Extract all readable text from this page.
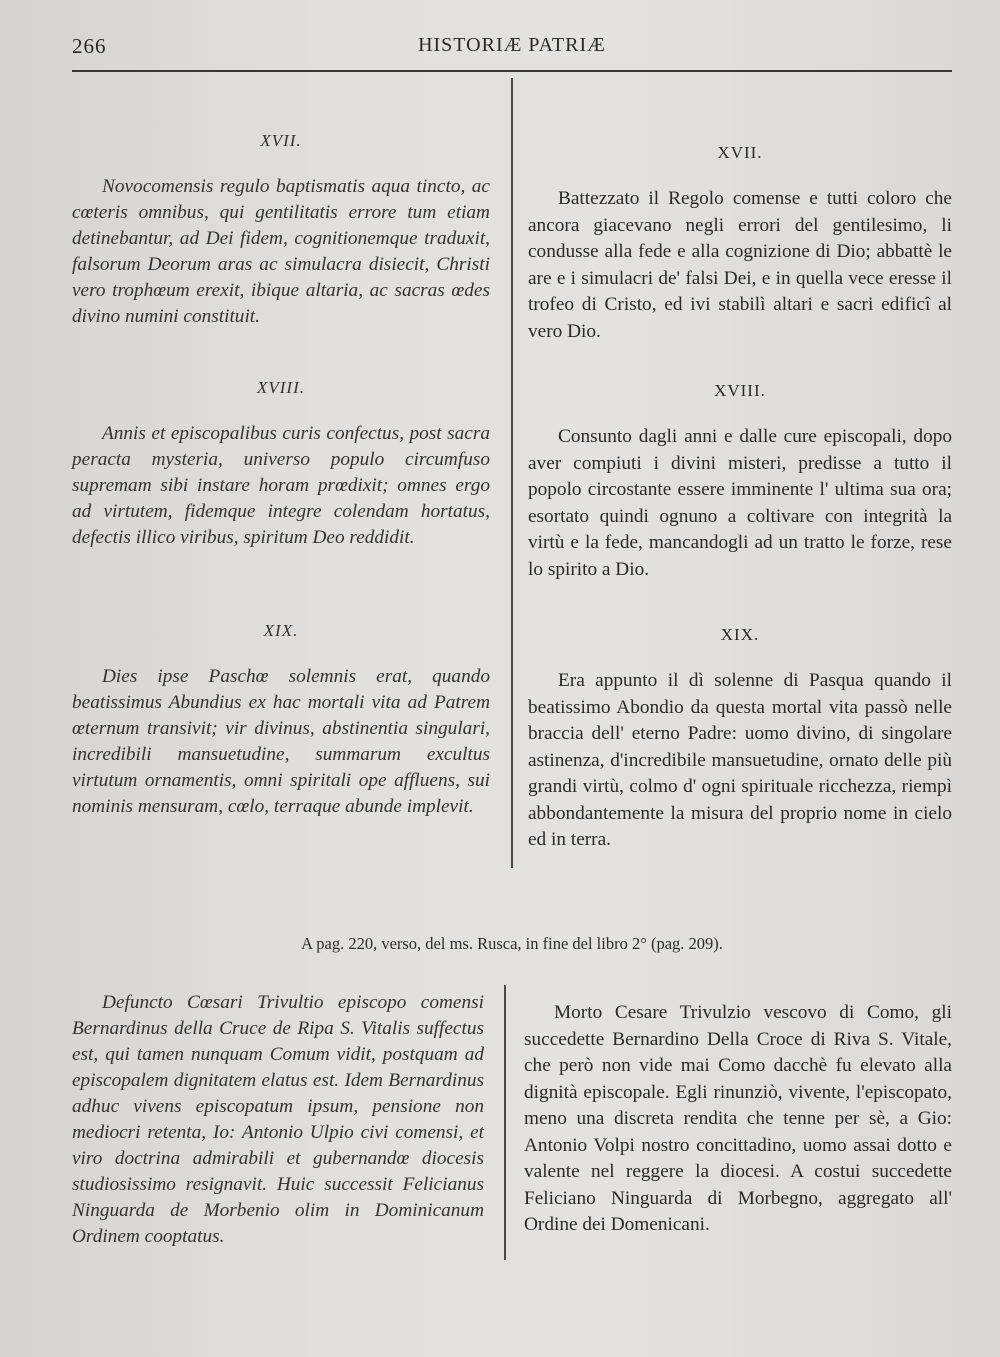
266	HISTORIÆ PATRIÆ

XVII.

Novocomensis regulo baptismatis aqua tincto, ac cœteris omnibus, qui gentilitatis errore tum etiam detinebantur, ad Dei fidem, cognitionemque traduxit, falsorum Deorum aras ac simulacra disiecit, Christi vero trophœum erexit, ibique altaria, ac sacras œdes divino numini constituit.

XVIII.

Annis et episcopalibus curis confectus, post sacra peracta mysteria, universo populo circumfuso supremam sibi instare horam prœdixit; omnes ergo ad virtutem, fidemque integre colendam hortatus, defectis illico viribus, spiritum Deo reddidit.

XIX.

Dies ipse Paschœ solemnis erat, quando beatissimus Abundius ex hac mortali vita ad Patrem œternum transivit; vir divinus, abstinentia singulari, incredibili mansuetudine, summarum excultus virtutum ornamentis, omni spiritali ope affluens, sui nominis mensuram, cœlo, terraque abunde implevit.

XVII.

Battezzato il Regolo comense e tutti coloro che ancora giacevano negli errori del gentilesimo, li condusse alla fede e alla cognizione di Dio; abbattè le are e i simulacri de' falsi Dei, e in quella vece eresse il trofeo di Cristo, ed ivi stabilì altari e sacri edificî al vero Dio.

XVIII.

Consunto dagli anni e dalle cure episcopali, dopo aver compiuti i divini misteri, predisse a tutto il popolo circostante essere imminente l' ultima sua ora; esortato quindi ognuno a coltivare con integrità la virtù e la fede, mancandogli ad un tratto le forze, rese lo spirito a Dio.

XIX.

Era appunto il dì solenne di Pasqua quando il beatissimo Abondio da questa mortal vita passò nelle braccia dell' eterno Padre: uomo divino, di singolare astinenza, d'incredibile mansuetudine, ornato delle più grandi virtù, colmo d' ogni spirituale ricchezza, riempì abbondantemente la misura del proprio nome in cielo ed in terra.

A pag. 220, verso, del ms. Rusca, in fine del libro 2° (pag. 209).

Defuncto Cœsari Trivultio episcopo comensi Bernardinus della Cruce de Ripa S. Vitalis suffectus est, qui tamen nunquam Comum vidit, postquam ad episcopalem dignitatem elatus est. Idem Bernardinus adhuc vivens episcopatum ipsum, pensione non mediocri retenta, Io: Antonio Ulpio civi comensi, et viro doctrina admirabili et gubernandœ diocesis studiosissimo resignavit. Huic successit Felicianus Ninguarda de Morbenio olim in Dominicanum Ordinem cooptatus.

Morto Cesare Trivulzio vescovo di Como, gli succedette Bernardino Della Croce di Riva S. Vitale, che però non vide mai Como dacchè fu elevato alla dignità episcopale. Egli rinunziò, vivente, l'episcopato, meno una discreta rendita che tenne per sè, a Gio: Antonio Volpi nostro concittadino, uomo assai dotto e valente nel reggere la diocesi. A costui succedette Feliciano Ninguarda di Morbegno, aggregato all' Ordine dei Domenicani.
